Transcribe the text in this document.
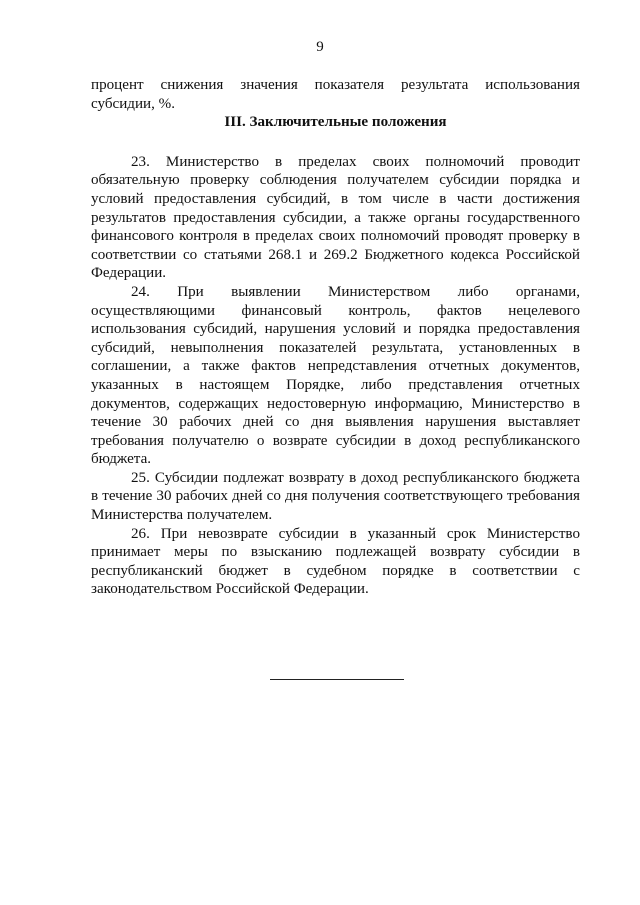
9

процент снижения значения показателя результата использования
субсидии, %.

III. Заключительные положения

23. Министерство в пределах своих полномочий проводит обязательную проверку соблюдения получателем субсидии порядка и условий предоставления субсидий, в том числе в части достижения результатов предоставления субсидии, а также органы государственного финансового контроля в пределах своих полномочий проводят проверку в соответствии со статьями 268.1 и 269.2 Бюджетного кодекса Российской Федерации.

24. При выявлении Министерством либо органами, осуществляющими финансовый контроль, фактов нецелевого использования субсидий, нарушения условий и порядка предоставления субсидий, невыполнения показателей результата, установленных в соглашении, а также фактов непредставления отчетных документов, указанных в настоящем Порядке, либо представления отчетных документов, содержащих недостоверную информацию, Министерство в течение 30 рабочих дней со дня выявления нарушения выставляет требования получателю о возврате субсидии в доход республиканского бюджета.

25. Субсидии подлежат возврату в доход республиканского бюджета в течение 30 рабочих дней со дня получения соответствующего требования Министерства получателем.

26. При невозврате субсидии в указанный срок Министерство принимает меры по взысканию подлежащей возврату субсидии в республиканский бюджет в судебном порядке в соответствии с законодательством Российской Федерации.
